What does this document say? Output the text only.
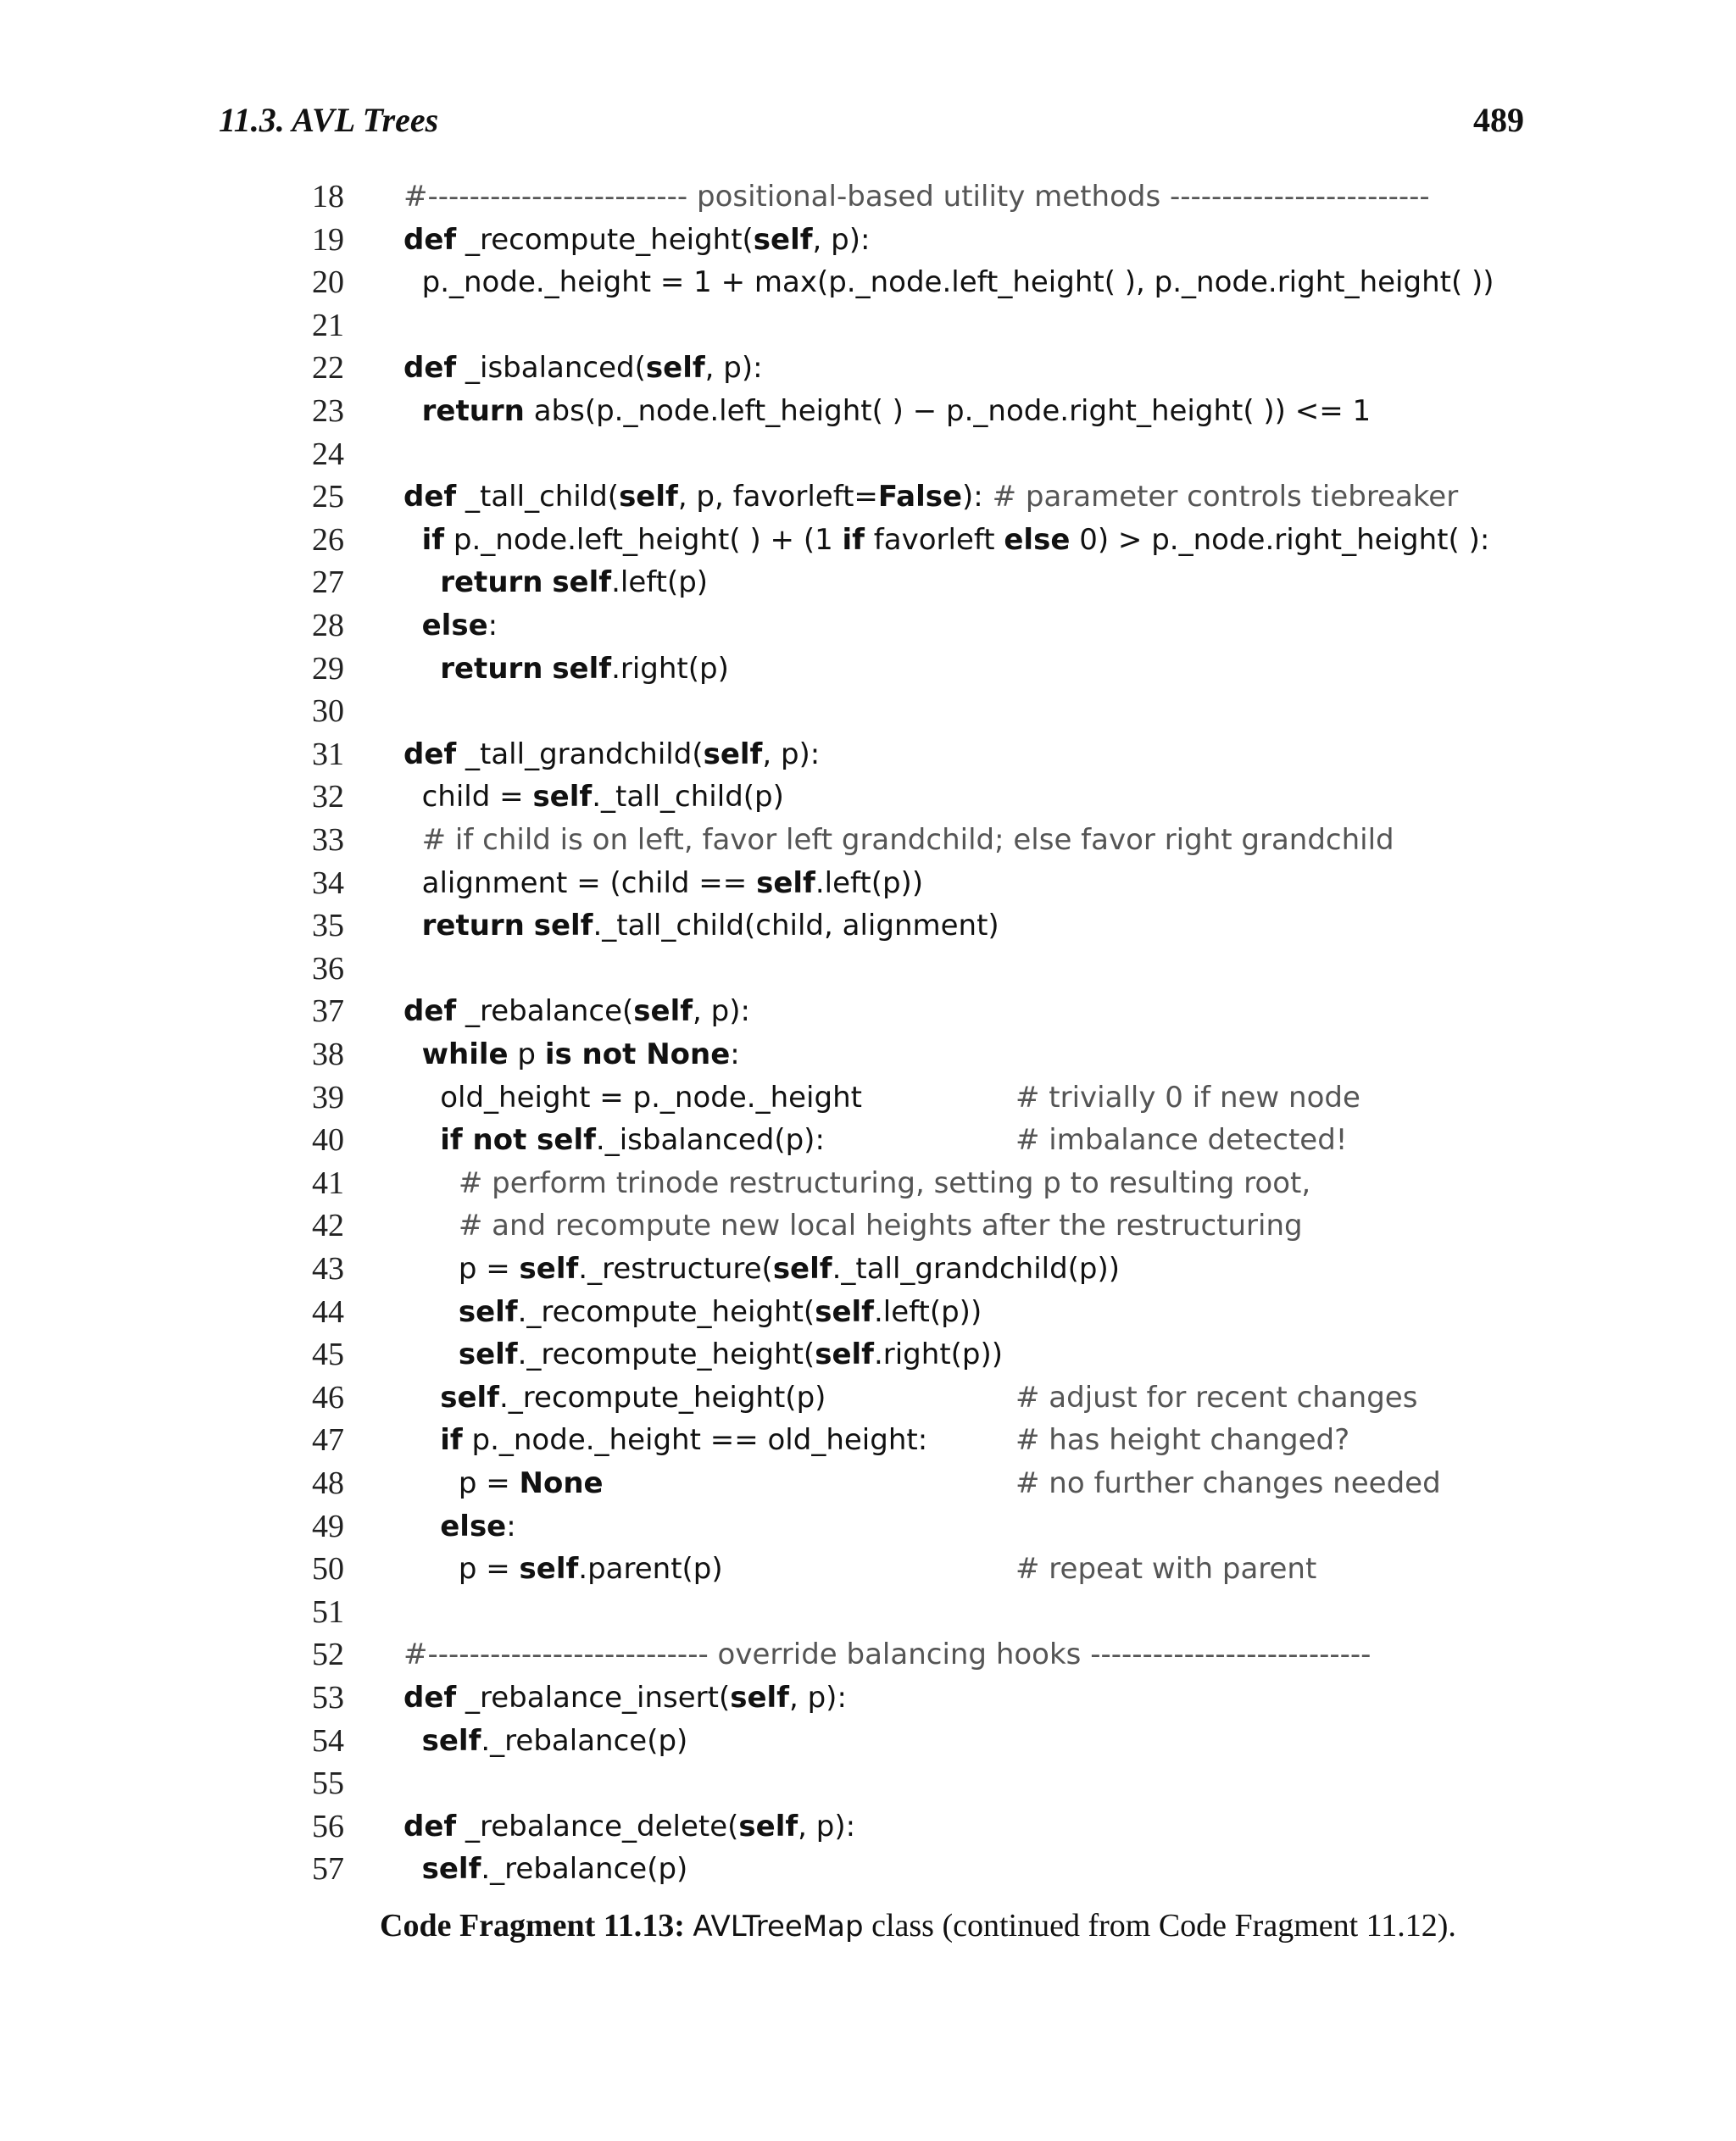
11.3. AVL Trees	489
18 #------------------------- positional-based utility methods -------------------------
19 def _recompute_height(self, p):
20 p._node._height = 1 + max(p._node.left_height( ), p._node.right_height( ))
21
22 def _isbalanced(self, p):
23	return abs(p._node.left_height( ) − p._node.right_height( )) <= 1
24
25 def _tall_child(self, p, favorleft=False): # parameter controls tiebreaker
26	if p._node.left_height( ) + (1 if favorleft else 0) > p._node.right_height( ):
27	return self.left(p)
28	else:
29	return self.right(p)
30
31 def _tall_grandchild(self, p):
32 child = self._tall_child(p)
33	# if child is on left, favor left grandchild; else favor right grandchild
34 alignment = (child == self.left(p))
35	return self._tall_child(child, alignment)
36
37 def _rebalance(self, p):
38	while p is not None:
39 old_height = p._node._height	# trivially 0 if new node
40	if not self._isbalanced(p):	# imbalance detected!
41	# perform trinode restructuring, setting p to resulting root,
42	# and recompute new local heights after the restructuring
43 p = self._restructure(self._tall_grandchild(p))
44	self._recompute_height(self.left(p))
45	self._recompute_height(self.right(p))
46	self._recompute_height(p)	# adjust for recent changes
47	if p._node._height == old_height:	# has height changed?
48 p = None	# no further changes needed
49	else:
50 p = self.parent(p)	# repeat with parent
51
52 #--------------------------- override balancing hooks ---------------------------
53 def _rebalance_insert(self, p):
54	self._rebalance(p)
55
56 def _rebalance_delete(self, p):
57	self._rebalance(p)
Code Fragment 11.13: AVLTreeMap class (continued from Code Fragment 11.12).
